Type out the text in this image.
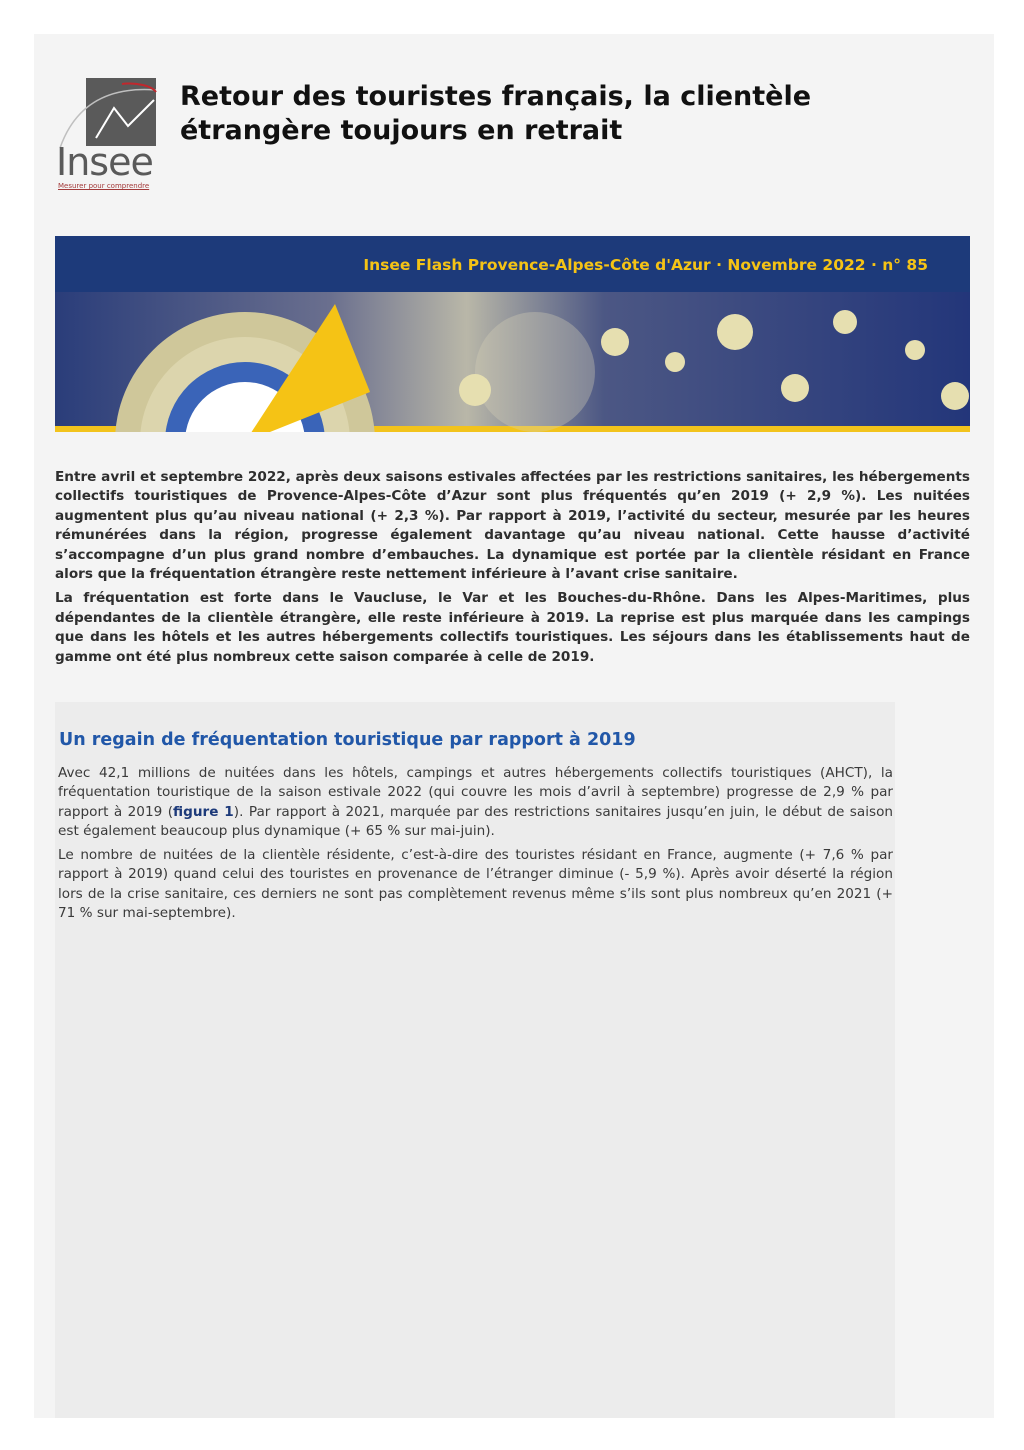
Insee
Mesurer pour comprendre
Retour des touristes français, la clientèle
étrangère toujours en retrait
Insee Flash Provence-Alpes-Côte d'Azur · Novembre 2022 · n° 85

Entre avril et septembre 2022, après deux saisons estivales affectées par les restrictions sanitaires, les hébergements collectifs touristiques de Provence-Alpes-Côte d’Azur sont plus fréquentés qu’en 2019 (+ 2,9 %). Les nuitées augmentent plus qu’au niveau national (+ 2,3 %). Par rapport à 2019, l’activité du secteur, mesurée par les heures rémunérées dans la région, progresse également davantage qu’au niveau national. Cette hausse d’activité s’accompagne d’un plus grand nombre d’embauches. La dynamique est portée par la clientèle résidant en France alors que la fréquentation étrangère reste nettement inférieure à l’avant crise sanitaire.

La fréquentation est forte dans le Vaucluse, le Var et les Bouches-du-Rhône. Dans les Alpes-Maritimes, plus dépendantes de la clientèle étrangère, elle reste inférieure à 2019. La reprise est plus marquée dans les campings que dans les hôtels et les autres hébergements collectifs touristiques. Les séjours dans les établissements haut de gamme ont été plus nombreux cette saison comparée à celle de 2019.

Un regain de fréquentation touristique par rapport à 2019

Avec 42,1 millions de nuitées dans les hôtels, campings et autres hébergements collectifs touristiques (AHCT), la fréquentation touristique de la saison estivale 2022 (qui couvre les mois d’avril à septembre) progresse de 2,9 % par rapport à 2019 (figure 1). Par rapport à 2021, marquée par des restrictions sanitaires jusqu’en juin, le début de saison est également beaucoup plus dynamique (+ 65 % sur mai-juin).

Le nombre de nuitées de la clientèle résidente, c’est-à-dire des touristes résidant en France, augmente (+ 7,6 % par rapport à 2019) quand celui des touristes en provenance de l’étranger diminue (- 5,9 %). Après avoir déserté la région lors de la crise sanitaire, ces derniers ne sont pas complètement revenus même s’ils sont plus nombreux qu’en 2021 (+ 71 % sur mai-septembre).
